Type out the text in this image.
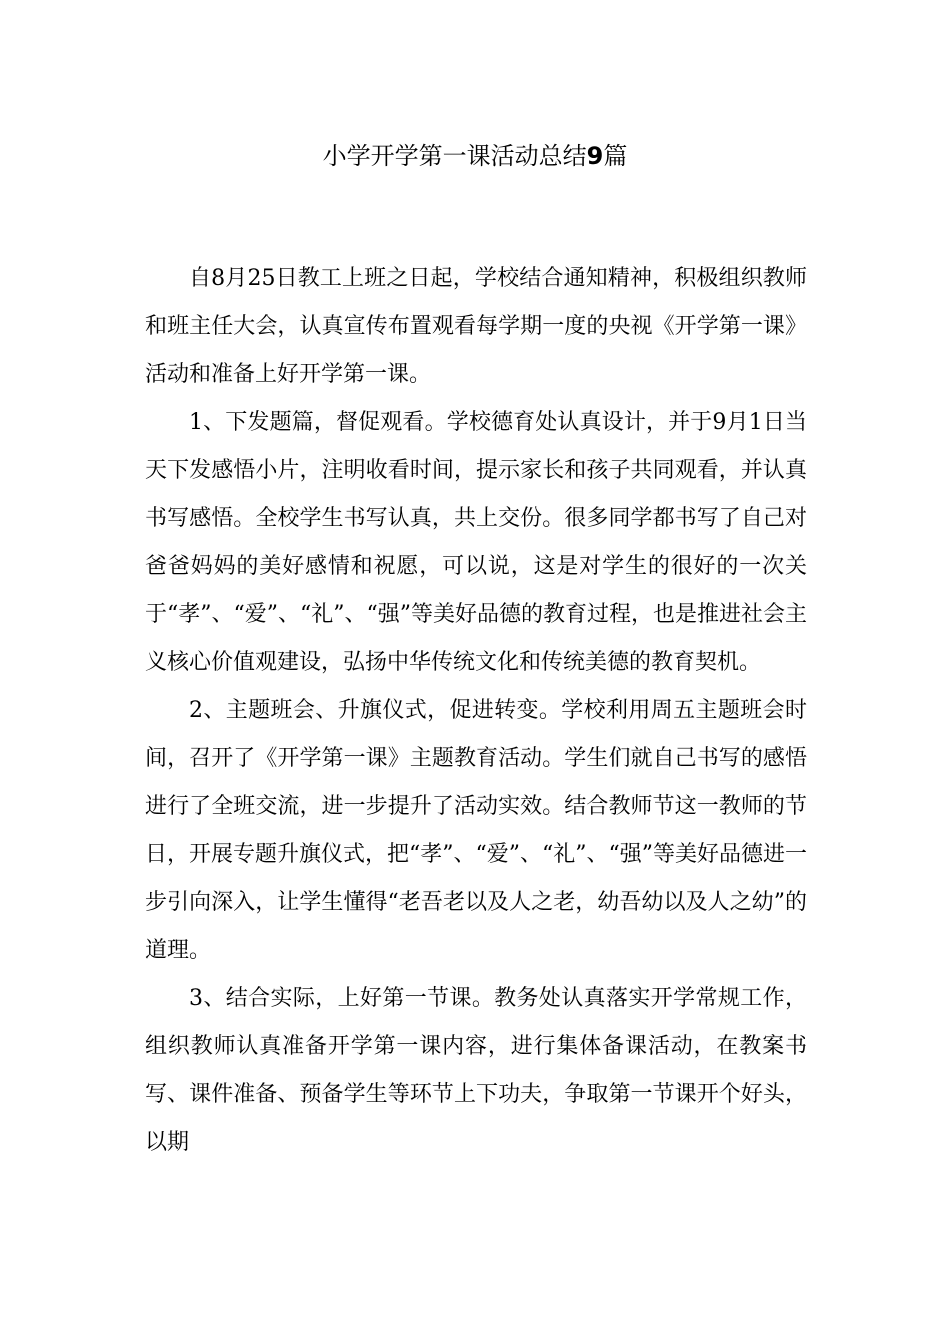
小学开学第一课活动总结9篇

自8月25日教工上班之日起，学校结合通知精神，积极组织教师和班主任大会，认真宣传布置观看每学期一度的央视《开学第一课》活动和准备上好开学第一课。

1、下发题篇，督促观看。学校德育处认真设计，并于9月1日当天下发感悟小片，注明收看时间，提示家长和孩子共同观看，并认真书写感悟。全校学生书写认真，共上交份。很多同学都书写了自己对爸爸妈妈的美好感情和祝愿，可以说，这是对学生的很好的一次关于“孝”、“爱”、“礼”、“强”等美好品德的教育过程，也是推进社会主义核心价值观建设，弘扬中华传统文化和传统美德的教育契机。

2、主题班会、升旗仪式，促进转变。学校利用周五主题班会时间，召开了《开学第一课》主题教育活动。学生们就自己书写的感悟进行了全班交流，进一步提升了活动实效。结合教师节这一教师的节日，开展专题升旗仪式，把“孝”、“爱”、“礼”、“强”等美好品德进一步引向深入，让学生懂得“老吾老以及人之老，幼吾幼以及人之幼”的道理。

3、结合实际，上好第一节课。教务处认真落实开学常规工作，组织教师认真准备开学第一课内容，进行集体备课活动，在教案书写、课件准备、预备学生等环节上下功夫，争取第一节课开个好头，以期
